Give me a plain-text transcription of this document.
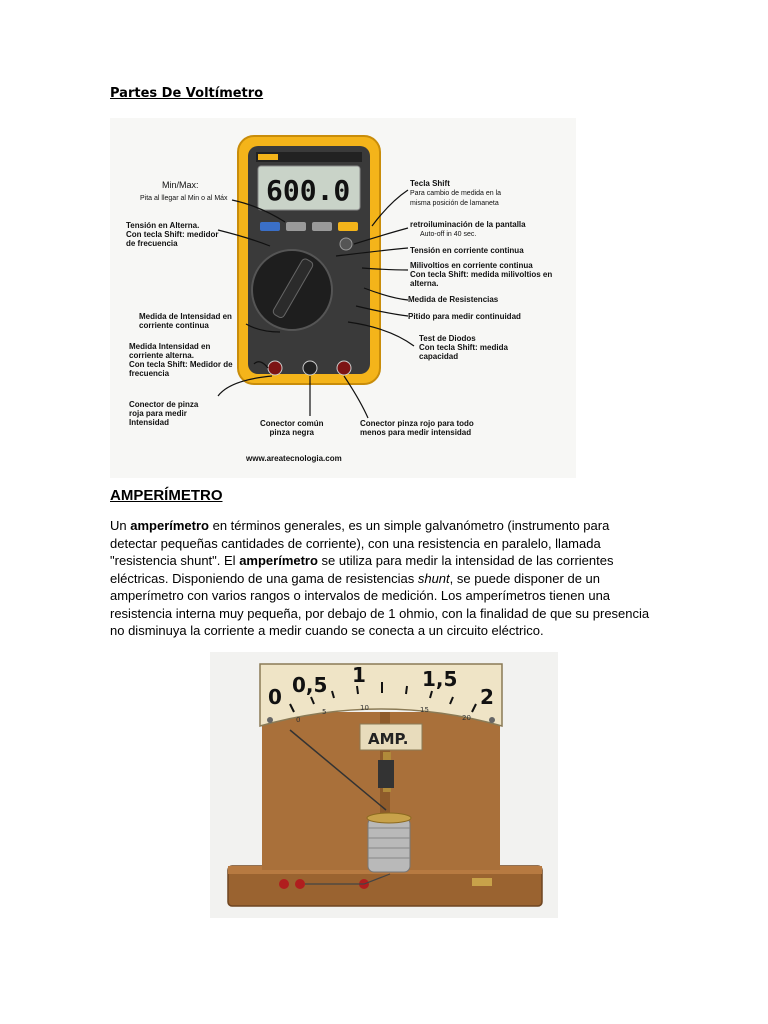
Partes De Voltímetro
600.0
Min/Max:
Pita al llegar al Min o al Máx
Tensión en Alterna.
Con tecla Shift: medidor
de frecuencia
Medida de Intensidad en
corriente continua
Medida Intensidad en
corriente alterna.
Con tecla Shift: Medidor de
frecuencia
Conector de pinza
roja para medir
Intensidad	Conector común
pinza negra
Conector pinza rojo para todo
menos para medir intensidad
Tecla Shift
Para cambio de medida en la
misma posición de lamaneta
retroiluminación de la pantalla
Auto-off in 40 sec.
Tensión en corriente continua
Milivoltios en corriente continua
Con tecla Shift: medida milivoltios en
alterna.
Medida de Resistencias
Pitido para medir continuidad
Test de Diodos
Con tecla Shift: medida
capacidad
www.areatecnologia.com
AMPERÍMETRO
Un amperímetro en términos generales, es un simple galvanómetro (instrumento para detectar pequeñas cantidades de corriente), con una resistencia en paralelo, llamada "resistencia shunt". El amperímetro se utiliza para medir la intensidad de las corrientes eléctricas. Disponiendo de una gama de resistencias shunt, se puede disponer de un amperímetro con varios rangos o intervalos de medición. Los amperímetros tienen una resistencia interna muy pequeña, por debajo de 1 ohmio, con la finalidad de que su presencia no disminuya la corriente a medir cuando se conecta a un circuito eléctrico.
0 0,5 1	1,5
2
0
5	10	15
20
AMP.
